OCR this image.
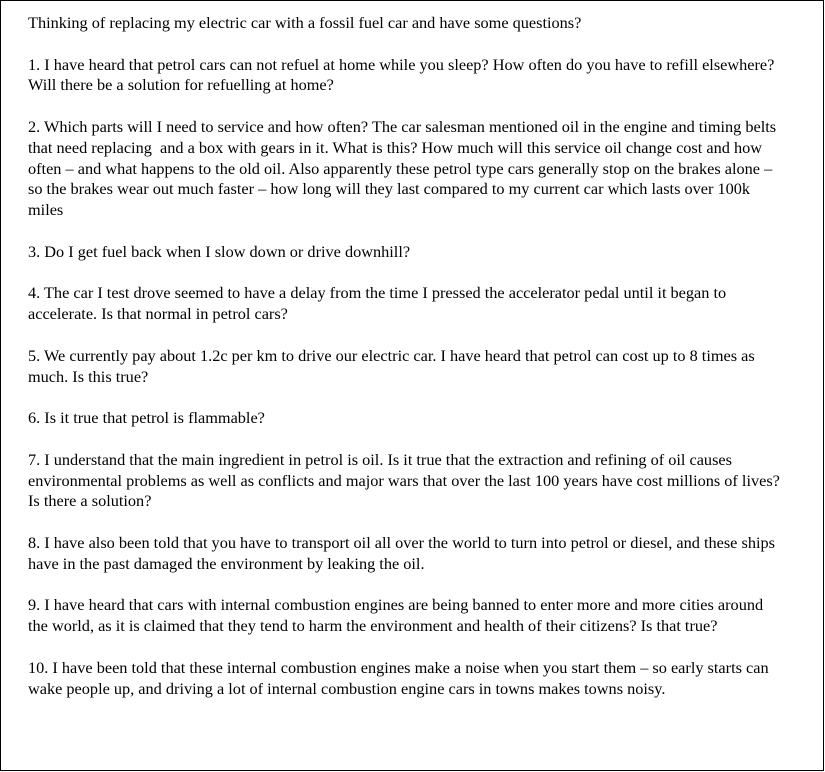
Thinking of replacing my electric car with a fossil fuel car and have some questions?

1. I have heard that petrol cars can not refuel at home while you sleep? How often do you have to refill elsewhere? Will there be a solution for refuelling at home?

2. Which parts will I need to service and how often? The car salesman mentioned oil in the engine and timing belts that need replacing  and a box with gears in it. What is this? How much will this service oil change cost and how often – and what happens to the old oil. Also apparently these petrol type cars generally stop on the brakes alone – so the brakes wear out much faster – how long will they last compared to my current car which lasts over 100k miles

3. Do I get fuel back when I slow down or drive downhill?

4. The car I test drove seemed to have a delay from the time I pressed the accelerator pedal until it began to accelerate. Is that normal in petrol cars?

5. We currently pay about 1.2c per km to drive our electric car. I have heard that petrol can cost up to 8 times as much. Is this true?

6. Is it true that petrol is flammable?

7. I understand that the main ingredient in petrol is oil. Is it true that the extraction and refining of oil causes environmental problems as well as conflicts and major wars that over the last 100 years have cost millions of lives? Is there a solution?

8. I have also been told that you have to transport oil all over the world to turn into petrol or diesel, and these ships have in the past damaged the environment by leaking the oil.

9. I have heard that cars with internal combustion engines are being banned to enter more and more cities around the world, as it is claimed that they tend to harm the environment and health of their citizens? Is that true?

10. I have been told that these internal combustion engines make a noise when you start them – so early starts can wake people up, and driving a lot of internal combustion engine cars in towns makes towns noisy.
